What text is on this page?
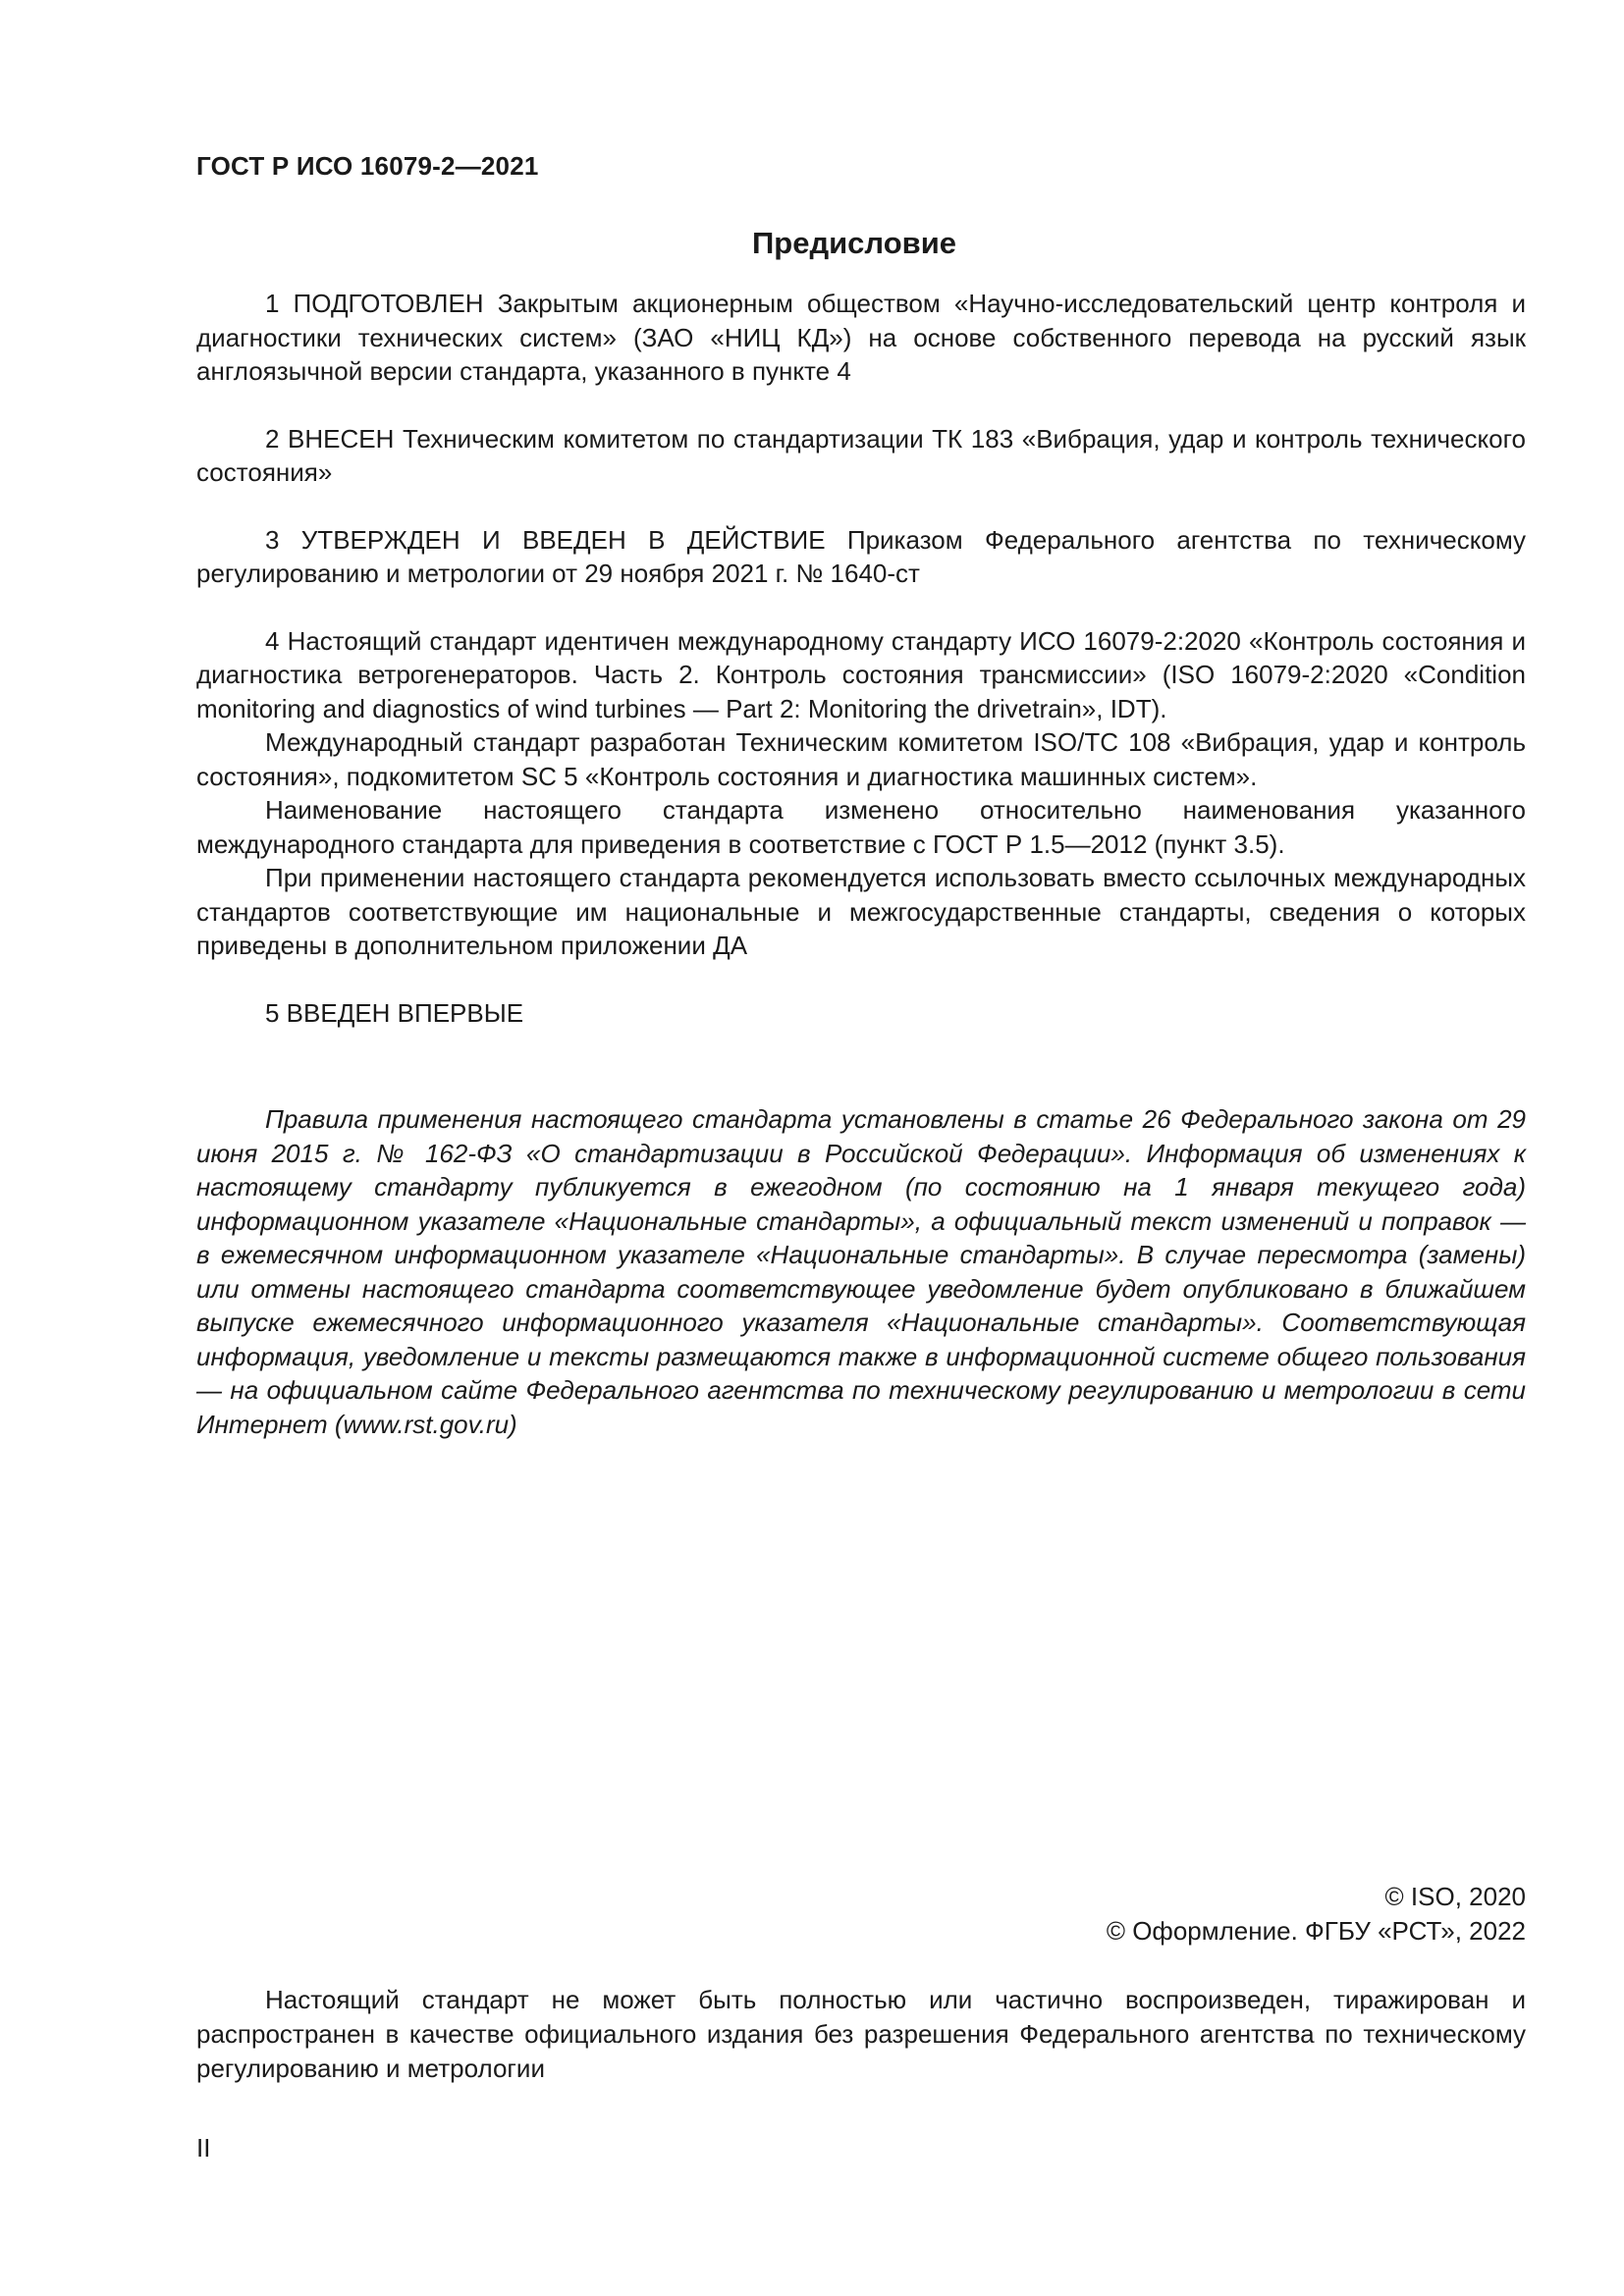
ГОСТ Р ИСО 16079-2—2021
Предисловие

1 ПОДГОТОВЛЕН Закрытым акционерным обществом «Научно-исследовательский центр контроля и диагностики технических систем» (ЗАО «НИЦ КД») на основе собственного перевода на русский язык англоязычной версии стандарта, указанного в пункте 4

2 ВНЕСЕН Техническим комитетом по стандартизации ТК 183 «Вибрация, удар и контроль технического состояния»

3 УТВЕРЖДЕН И ВВЕДЕН В ДЕЙСТВИЕ Приказом Федерального агентства по техническому регулированию и метрологии от 29 ноября 2021 г. № 1640-ст

4 Настоящий стандарт идентичен международному стандарту ИСО 16079-2:2020 «Контроль состояния и диагностика ветрогенераторов. Часть 2. Контроль состояния трансмиссии» (ISO 16079-2:2020 «Condition monitoring and diagnostics of wind turbines — Part 2: Monitoring the drivetrain», IDT).

Международный стандарт разработан Техническим комитетом ISO/TC 108 «Вибрация, удар и контроль состояния», подкомитетом SC 5 «Контроль состояния и диагностика машинных систем».

Наименование настоящего стандарта изменено относительно наименования указанного международного стандарта для приведения в соответствие с ГОСТ Р 1.5—2012 (пункт 3.5).

При применении настоящего стандарта рекомендуется использовать вместо ссылочных международных стандартов соответствующие им национальные и межгосударственные стандарты, сведения о которых приведены в дополнительном приложении ДА

5 ВВЕДЕН ВПЕРВЫЕ

Правила применения настоящего стандарта установлены в статье 26 Федерального закона от 29 июня 2015 г. № 162-ФЗ «О стандартизации в Российской Федерации». Информация об изменениях к настоящему стандарту публикуется в ежегодном (по состоянию на 1 января текущего года) информационном указателе «Национальные стандарты», а официальный текст изменений и поправок — в ежемесячном информационном указателе «Национальные стандарты». В случае пересмотра (замены) или отмены настоящего стандарта соответствующее уведомление будет опубликовано в ближайшем выпуске ежемесячного информационного указателя «Национальные стандарты». Соответствующая информация, уведомление и тексты размещаются также в информационной системе общего пользования — на официальном сайте Федерального агентства по техническому регулированию и метрологии в сети Интернет (www.rst.gov.ru)

© ISO, 2020
© Оформление. ФГБУ «РСТ», 2022

Настоящий стандарт не может быть полностью или частично воспроизведен, тиражирован и распространен в качестве официального издания без разрешения Федерального агентства по техническому регулированию и метрологии

II
